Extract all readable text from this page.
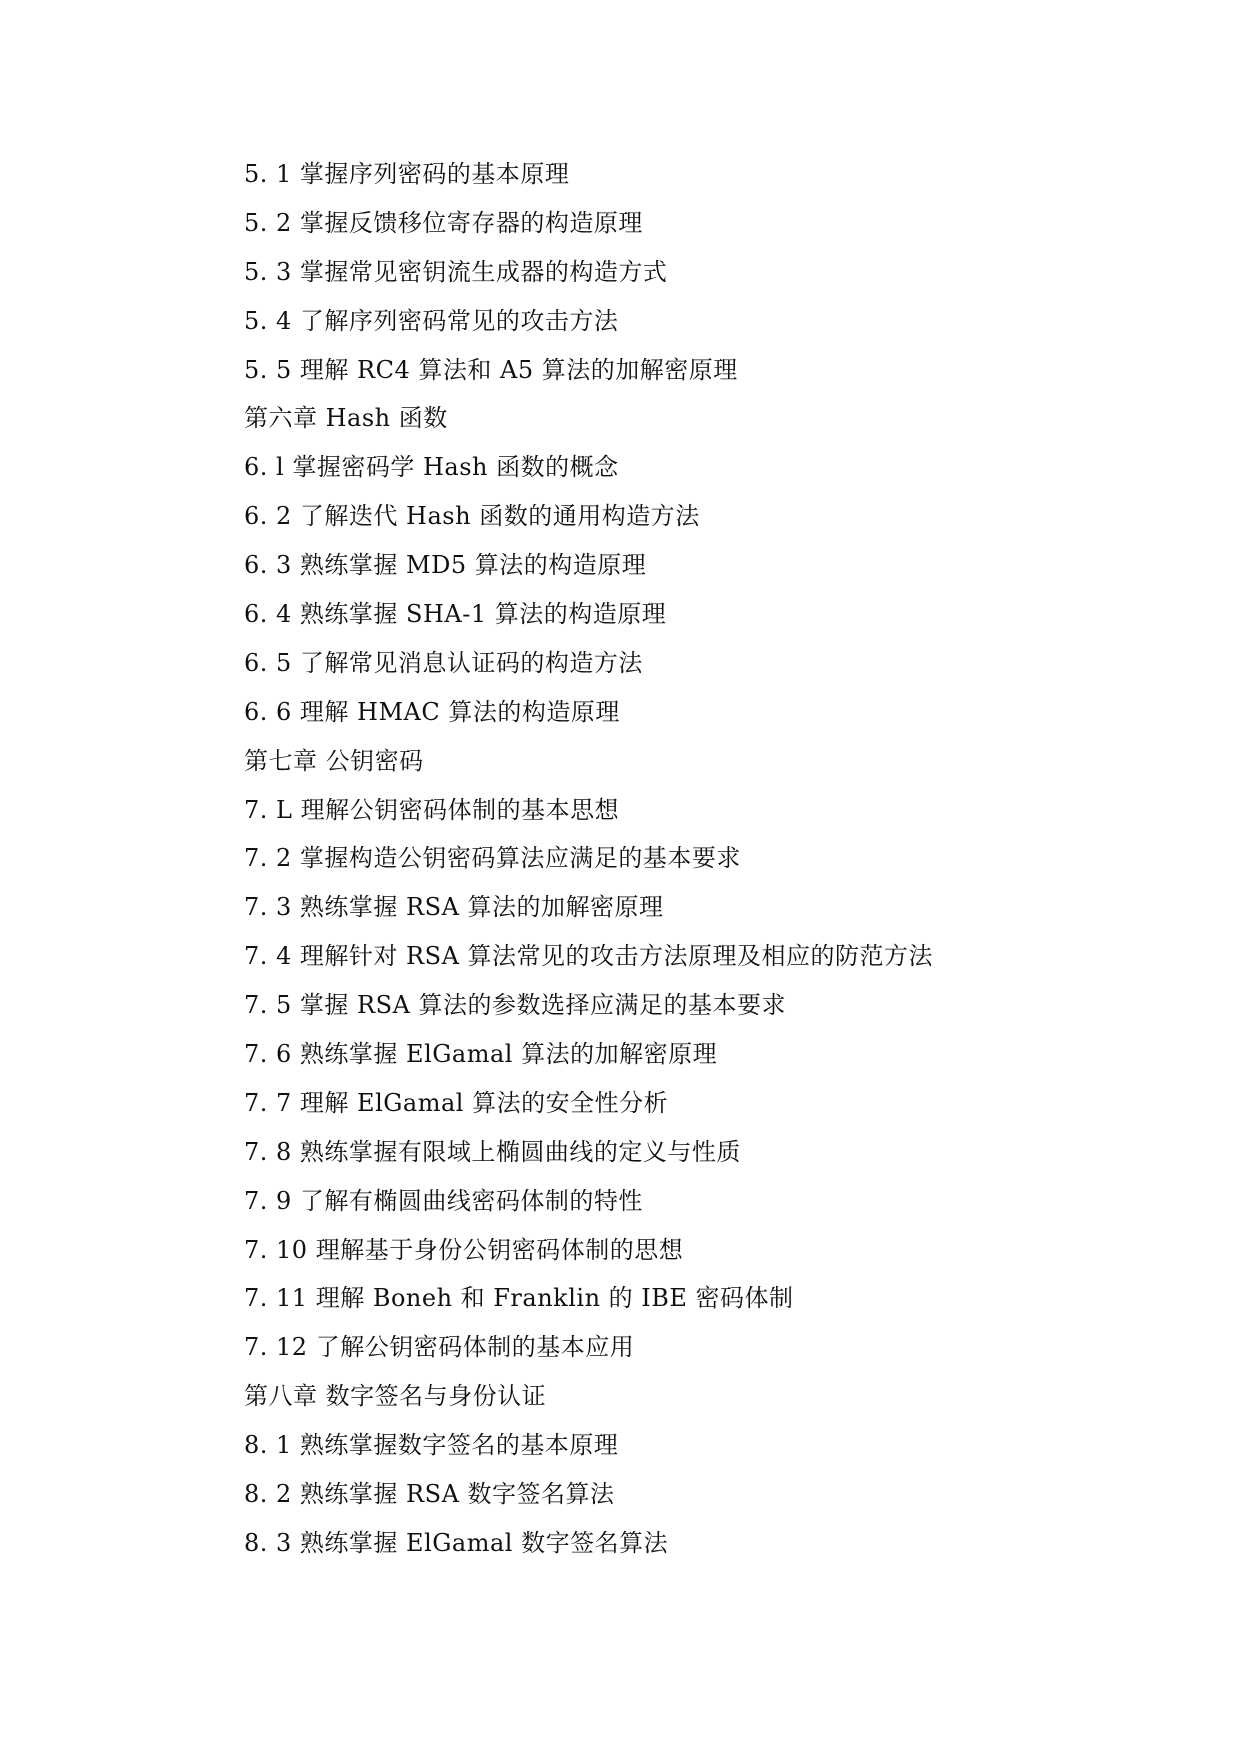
5. 1 掌握序列密码的基本原理
5. 2 掌握反馈移位寄存器的构造原理
5. 3 掌握常见密钥流生成器的构造方式
5. 4 了解序列密码常见的攻击方法
5. 5 理解 RC4 算法和 A5 算法的加解密原理
第六章 Hash 函数
6. l 掌握密码学 Hash 函数的概念
6. 2 了解迭代 Hash 函数的通用构造方法
6. 3 熟练掌握 MD5 算法的构造原理
6. 4 熟练掌握 SHA-1 算法的构造原理
6. 5 了解常见消息认证码的构造方法
6. 6 理解 HMAC 算法的构造原理
第七章 公钥密码
7. L 理解公钥密码体制的基本思想
7. 2 掌握构造公钥密码算法应满足的基本要求
7. 3 熟练掌握 RSA 算法的加解密原理
7. 4 理解针对 RSA 算法常见的攻击方法原理及相应的防范方法
7. 5 掌握 RSA 算法的参数选择应满足的基本要求
7. 6 熟练掌握 ElGamal 算法的加解密原理
7. 7 理解 ElGamal 算法的安全性分析
7. 8 熟练掌握有限域上椭圆曲线的定义与性质
7. 9 了解有椭圆曲线密码体制的特性
7. 10 理解基于身份公钥密码体制的思想
7. 11 理解 Boneh 和 Franklin 的 IBE 密码体制
7. 12 了解公钥密码体制的基本应用
第八章 数字签名与身份认证
8. 1 熟练掌握数字签名的基本原理
8. 2 熟练掌握 RSA 数字签名算法
8. 3 熟练掌握 ElGamal 数字签名算法
